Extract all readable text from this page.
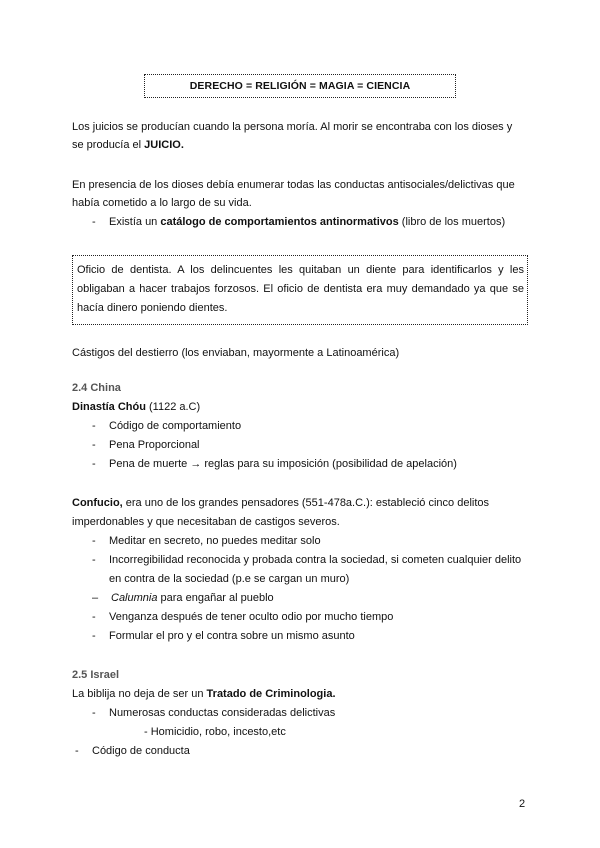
DERECHO = RELIGIÓN = MAGIA = CIENCIA
Los juicios se producían cuando la persona moría. Al morir se encontraba con los dioses y
se producía el JUICIO.
En presencia de los dioses debía enumerar todas las conductas antisociales/delictivas que
había cometido a lo largo de su vida.
- Existía un catálogo de comportamientos antinormativos (libro de los muertos)
Oficio de dentista. A los delincuentes les quitaban un diente para identificarlos y les obligaban a hacer trabajos forzosos. El oficio de dentista era muy demandado ya que se hacía dinero poniendo dientes.
Cástigos del destierro (los enviaban, mayormente a Latinoamérica)
2.4 China
Dinastía Chóu (1122 a.C)
- Código de comportamiento
- Pena Proporcional
- Pena de muerte → reglas para su imposición (posibilidad de apelación)
Confucio, era uno de los grandes pensadores (551-478a.C.): estableció cinco delitos
imperdonables y que necesitaban de castigos severos.
- Meditar en secreto, no puedes meditar solo
- Incorregibilidad reconocida y probada contra la sociedad, si cometen cualquier delito
en contra de la sociedad (p.e se cargan un muro)
– Calumnia para engañar al pueblo
- Venganza después de tener oculto odio por mucho tiempo
- Formular el pro y el contra sobre un mismo asunto
2.5 Israel
La biblija no deja de ser un Tratado de Criminologia.
- Numerosas conductas consideradas delictivas
- Homicidio, robo, incesto,etc
- Código de conducta
2
